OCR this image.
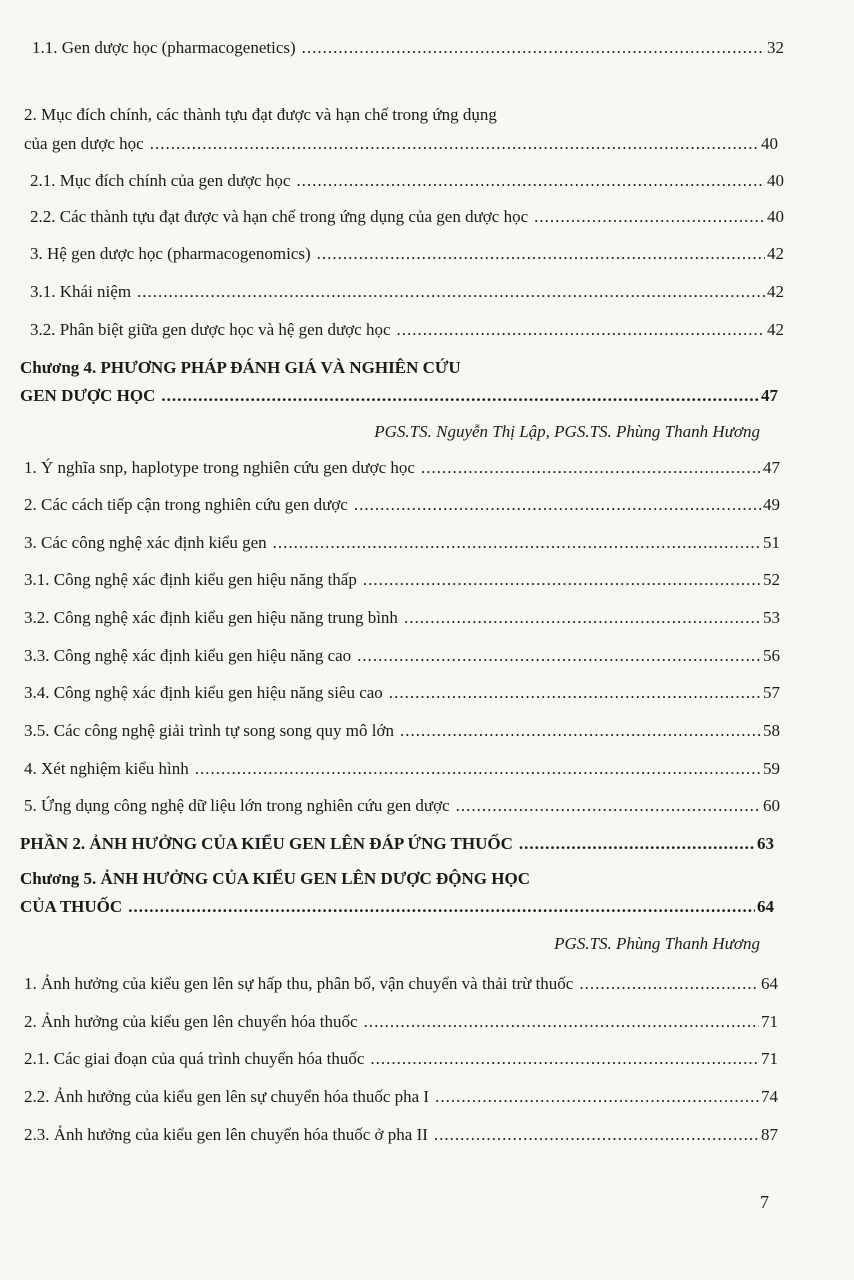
1.1. Gen dược học (pharmacogenetics) .....	32
2. Mục đích chính, các thành tựu đạt được và hạn chế trong ứng dụng
của gen dược học .....	40
2.1. Mục đích chính của gen dược học .....	40
2.2. Các thành tựu đạt được và hạn chế trong ứng dụng của gen dược học .....	40
3. Hệ gen dược học (pharmacogenomics) .....	42
3.1. Khái niệm .....	42
3.2. Phân biệt giữa gen dược học và hệ gen dược học .....	42
Chương 4. PHƯƠNG PHÁP ĐÁNH GIÁ VÀ NGHIÊN CỨU
GEN DƯỢC HỌC .....	47
PGS.TS. Nguyễn Thị Lập, PGS.TS. Phùng Thanh Hương
1. Ý nghĩa snp, haplotype trong nghiên cứu gen dược học .....	47
2. Các cách tiếp cận trong nghiên cứu gen dược .....	49
3. Các công nghệ xác định kiểu gen .....	51
3.1. Công nghệ xác định kiểu gen hiệu năng thấp .....	52
3.2. Công nghệ xác định kiểu gen hiệu năng trung bình .....	53
3.3. Công nghệ xác định kiểu gen hiệu năng cao .....	56
3.4. Công nghệ xác định kiểu gen hiệu năng siêu cao .....	57
3.5. Các công nghệ giải trình tự song song quy mô lớn .....	58
4. Xét nghiệm kiểu hình .....	59
5. Ứng dụng công nghệ dữ liệu lớn trong nghiên cứu gen dược .....	60
PHẦN 2. ẢNH HƯỞNG CỦA KIỂU GEN LÊN ĐÁP ỨNG THUỐC .....	63
Chương 5. ẢNH HƯỞNG CỦA KIỂU GEN LÊN DƯỢC ĐỘNG HỌC
CỦA THUỐC .....	64
PGS.TS. Phùng Thanh Hương
1. Ảnh hưởng của kiểu gen lên sự hấp thu, phân bố, vận chuyển và thải trừ thuốc .....	64
2. Ảnh hưởng của kiểu gen lên chuyển hóa thuốc .....	71
2.1. Các giai đoạn của quá trình chuyển hóa thuốc .....	71
2.2. Ảnh hưởng của kiểu gen lên sự chuyển hóa thuốc pha I .....	74
2.3. Ảnh hưởng của kiểu gen lên chuyển hóa thuốc ở pha II .....	87
7
